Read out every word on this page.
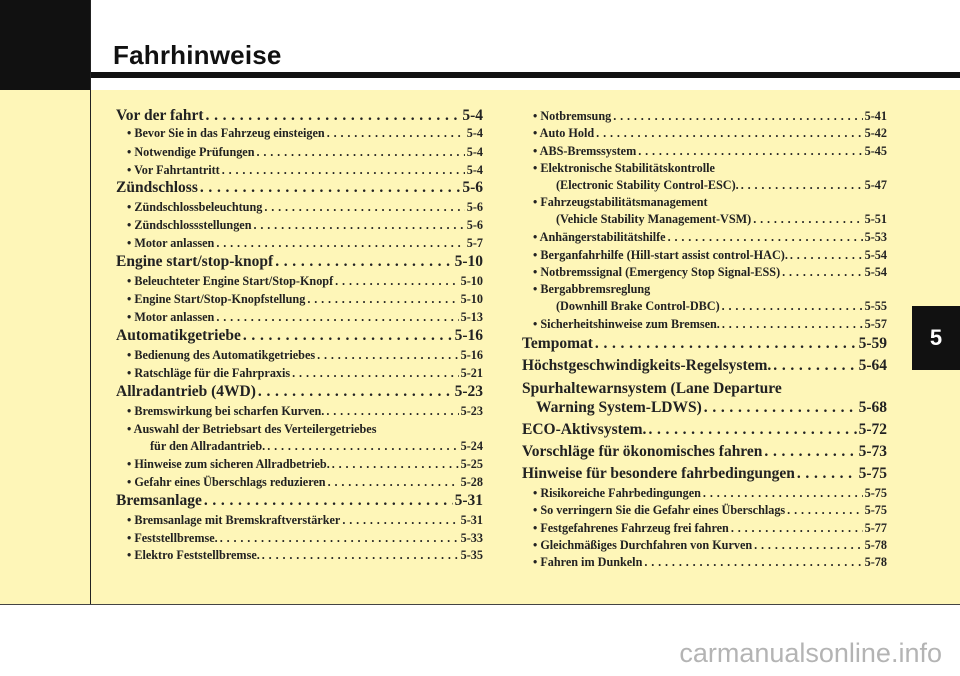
Fahrhinweise
5
Vor der fahrt . . .	5-4
• Bevor Sie in das Fahrzeug einsteigen . . .	5-4
• Notwendige Prüfungen . . .	5-4
• Vor Fahrtantritt . . .	5-4
Zündschloss . . .	5-6
• Zündschlossbeleuchtung . . .	5-6
• Zündschlossstellungen . . .	5-6
• Motor anlassen . . .	5-7
Engine start/stop-knopf . . .	5-10
• Beleuchteter Engine Start/Stop-Knopf . . .	5-10
• Engine Start/Stop-Knopfstellung . . .	5-10
• Motor anlassen . . .	5-13
Automatikgetriebe . . .	5-16
• Bedienung des Automatikgetriebes . . .	5-16
• Ratschläge für die Fahrpraxis . . .	5-21
Allradantrieb (4WD) . . .	5-23
• Bremswirkung bei scharfen Kurven. . . .	5-23
• Auswahl der Betriebsart des Verteilergetriebes
für den Allradantrieb. . . .	5-24
• Hinweise zum sicheren Allradbetrieb. . . .	5-25
• Gefahr eines Überschlags reduzieren . . .	5-28
Bremsanlage . . .	5-31
• Bremsanlage mit Bremskraftverstärker . . .	5-31
• Feststellbremse. . . .	5-33
• Elektro Feststellbremse. . . .	5-35
• Notbremsung . . .	5-41
• Auto Hold . . .	5-42
• ABS-Bremssystem . . .	5-45
• Elektronische Stabilitätskontrolle
(Electronic Stability Control-ESC). . . .	5-47
• Fahrzeugstabilitätsmanagement
(Vehicle Stability Management-VSM) . . .	5-51
• Anhängerstabilitätshilfe . . .	5-53
• Berganfahrhilfe (Hill-start assist control-HAC). . . .	5-54
• Notbremssignal (Emergency Stop Signal-ESS) . . .	5-54
• Bergabbremsreglung
(Downhill Brake Control-DBC) . . .	5-55
• Sicherheitshinweise zum Bremsen. . . .	5-57
Tempomat . . .	5-59
Höchstgeschwindigkeits-Regelsystem. . . .	5-64
Spurhaltewarnsystem (Lane Departure
Warning System-LDWS) . . .	5-68
ECO-Aktivsystem. . . .	5-72
Vorschläge für ökonomisches fahren . . .	5-73
Hinweise für besondere fahrbedingungen . . .	5-75
• Risikoreiche Fahrbedingungen . . .	5-75
• So verringern Sie die Gefahr eines Überschlags . . .	5-75
• Festgefahrenes Fahrzeug frei fahren . . .	5-77
• Gleichmäßiges Durchfahren von Kurven . . .	5-78
• Fahren im Dunkeln . . .	5-78
carmanualsonline.info
